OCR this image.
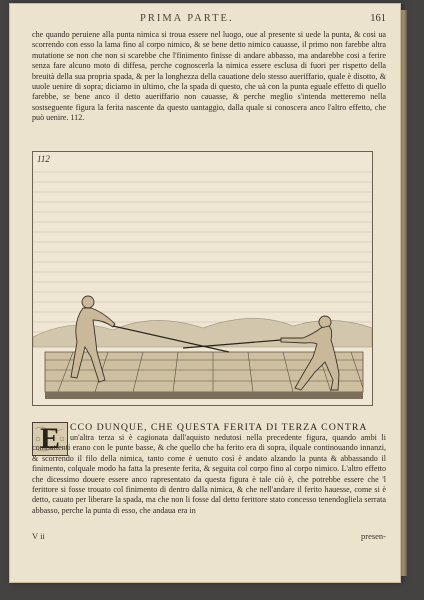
PRIMA PARTE.	161
che quando peruiene alla punta nimica si troua essere nel luogo, oue al presente si uede la punta, & cosi ua scorrendo con esso la lama fino al corpo nimico, & se bene detto nimico cauasse, il primo non farebbe altra mutatione se non che non si scarebbe che l'finimento finisse di andare abbasso, ma andarebbe cosi a ferire senza fare alcuno moto di diffesa, perche cognoscerla la nimica essere esclusa di fuori per rispetto della breuità della sua propria spada, & per la longhezza della cauatione delo stesso aueriffario, quale è disotto, & uuole uenire di sopra; diciamo in ultimo, che la spada di questo, che uà con la punta eguale effetto di quello farebbe, se bene anco il detto aueriffario non cauasse, & perche meglio s'intenda metteremo nella sostseguente figura la ferita nascente da questo uantaggio, dalla quale si conoscera anco l'altro effetto, che può uenire. 112.
112
E	CCO DUNQUE, CHE QUESTA FERITA DI TERZA CONTRA
un'altra terza si è cagionata dall'aquisto nedutosi nella precedente figura, quando ambi li combattenti erano con le punte basse, & che quello che ha ferito era di sopra, ilquale continouando innanzi, & scorrendo il filo della nimica, tanto come è uenuto così è andato alzando la punta & abbassando il finimento, colquale modo ha fatta la presente ferita, & seguita col corpo fino al corpo nimico. L'altro effetto che dicessimo douere essere anco rapresentato da questa figura è tale ciò è, che potrebbe essere che 'l ferittore si fosse trouato col finimento di dentro dalla nimica, & che nell'andare il ferito hauesse, come si è detto, cauato per liberare la spada, ma che non li fosse dal detto ferittore stato concesso tenendogliela serrata abbasso, perche la punta di esso, che andaua era in
V ii	presen-
